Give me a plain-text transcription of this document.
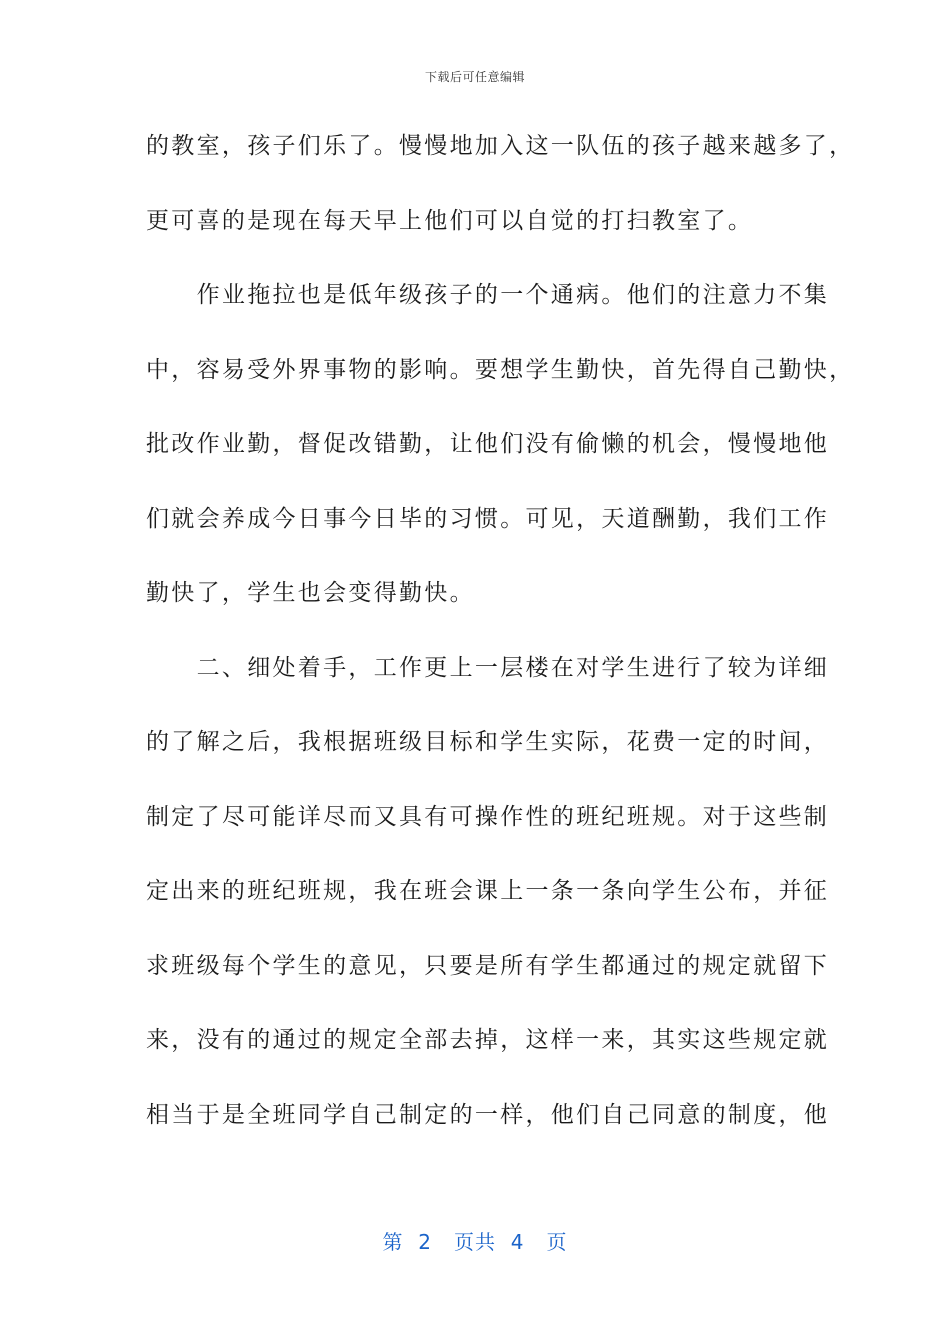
下载后可任意编辑
的教室，孩子们乐了。慢慢地加入这一队伍的孩子越来越多了，
更可喜的是现在每天早上他们可以自觉的打扫教室了。
　　作业拖拉也是低年级孩子的一个通病。他们的注意力不集
中，容易受外界事物的影响。要想学生勤快，首先得自己勤快，
批改作业勤，督促改错勤，让他们没有偷懒的机会，慢慢地他
们就会养成今日事今日毕的习惯。可见，天道酬勤，我们工作
勤快了，学生也会变得勤快。
　　二、细处着手，工作更上一层楼在对学生进行了较为详细
的了解之后，我根据班级目标和学生实际，花费一定的时间，
制定了尽可能详尽而又具有可操作性的班纪班规。对于这些制
定出来的班纪班规，我在班会课上一条一条向学生公布，并征
求班级每个学生的意见，只要是所有学生都通过的规定就留下
来，没有的通过的规定全部去掉，这样一来，其实这些规定就
相当于是全班同学自己制定的一样，他们自己同意的制度，他
第  2   页共  4   页
